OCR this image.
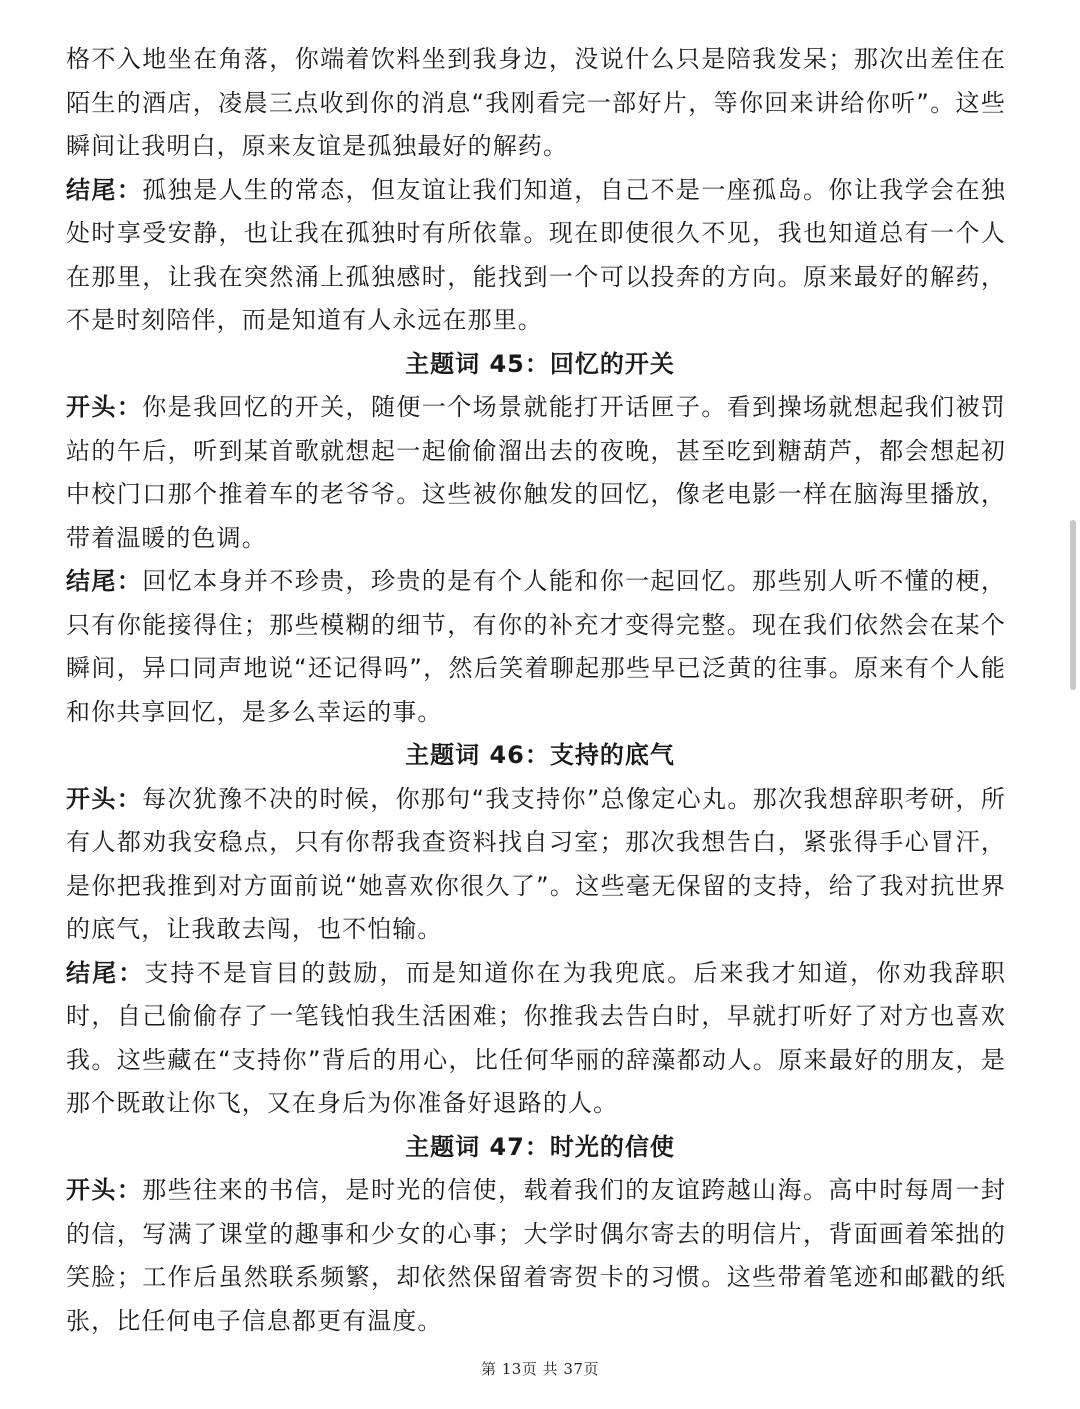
格不入地坐在角落，你端着饮料坐到我身边，没说什么只是陪我发呆；那次出差住在陌生的酒店，凌晨三点收到你的消息“我刚看完一部好片，等你回来讲给你听”。这些瞬间让我明白，原来友谊是孤独最好的解药。

结尾：孤独是人生的常态，但友谊让我们知道，自己不是一座孤岛。你让我学会在独处时享受安静，也让我在孤独时有所依靠。现在即使很久不见，我也知道总有一个人在那里，让我在突然涌上孤独感时，能找到一个可以投奔的方向。原来最好的解药，不是时刻陪伴，而是知道有人永远在那里。

主题词 45：回忆的开关

开头：你是我回忆的开关，随便一个场景就能打开话匣子。看到操场就想起我们被罚站的午后，听到某首歌就想起一起偷偷溜出去的夜晚，甚至吃到糖葫芦，都会想起初中校门口那个推着车的老爷爷。这些被你触发的回忆，像老电影一样在脑海里播放，带着温暖的色调。

结尾：回忆本身并不珍贵，珍贵的是有个人能和你一起回忆。那些别人听不懂的梗，只有你能接得住；那些模糊的细节，有你的补充才变得完整。现在我们依然会在某个瞬间，异口同声地说“还记得吗”，然后笑着聊起那些早已泛黄的往事。原来有个人能和你共享回忆，是多么幸运的事。

主题词 46：支持的底气

开头：每次犹豫不决的时候，你那句“我支持你”总像定心丸。那次我想辞职考研，所有人都劝我安稳点，只有你帮我查资料找自习室；那次我想告白，紧张得手心冒汗，是你把我推到对方面前说“她喜欢你很久了”。这些毫无保留的支持，给了我对抗世界的底气，让我敢去闯，也不怕输。

结尾：支持不是盲目的鼓励，而是知道你在为我兜底。后来我才知道，你劝我辞职时，自己偷偷存了一笔钱怕我生活困难；你推我去告白时，早就打听好了对方也喜欢我。这些藏在“支持你”背后的用心，比任何华丽的辞藻都动人。原来最好的朋友，是那个既敢让你飞，又在身后为你准备好退路的人。

主题词 47：时光的信使

开头：那些往来的书信，是时光的信使，载着我们的友谊跨越山海。高中时每周一封的信，写满了课堂的趣事和少女的心事；大学时偶尔寄去的明信片，背面画着笨拙的笑脸；工作后虽然联系频繁，却依然保留着寄贺卡的习惯。这些带着笔迹和邮戳的纸张，比任何电子信息都更有温度。

第 13页 共 37页
